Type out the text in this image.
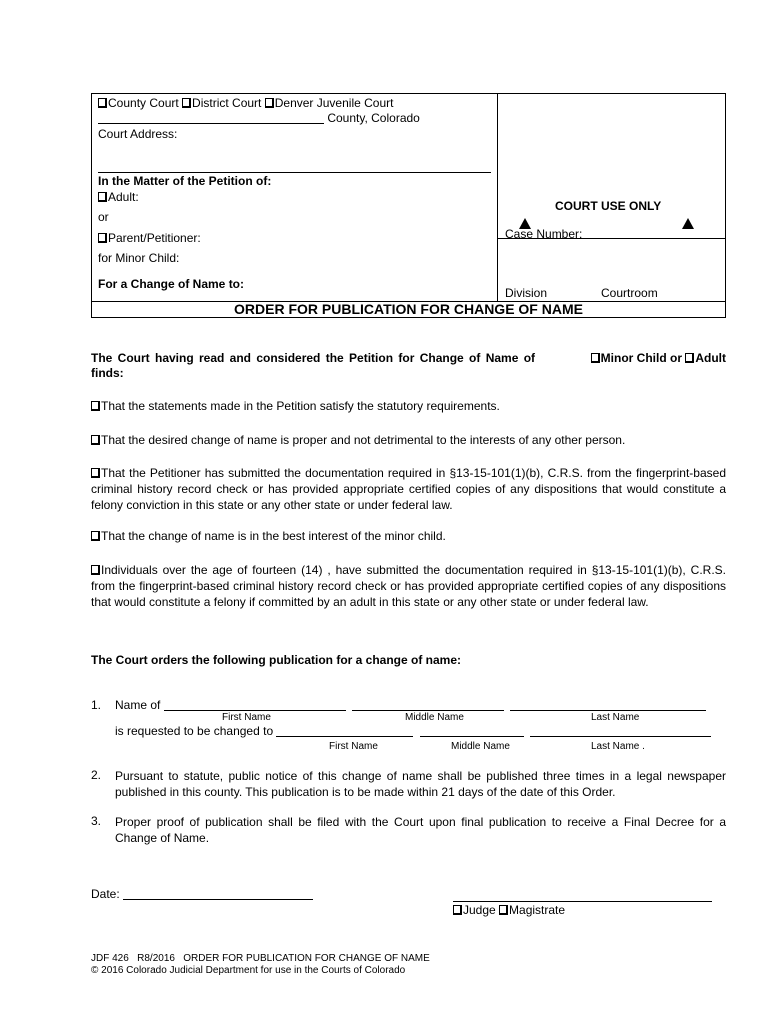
County Court District Court Denver Juvenile Court
County, Colorado
Court Address:
In the Matter of the Petition of:
Adult:
or
Parent/Petitioner:
for Minor Child:
For a Change of Name to:
COURT USE ONLY
Case Number:
Division	Courtroom
ORDER FOR PUBLICATION FOR CHANGE OF NAME
The Court having read and considered the Petition for Change of Name of	Minor Child or Adult
finds:

That the statements made in the Petition satisfy the statutory requirements.

That the desired change of name is proper and not detrimental to the interests of any other person.

That the Petitioner has submitted the documentation required in §13-15-101(1)(b), C.R.S. from the fingerprint-based criminal history record check or has provided appropriate certified copies of any dispositions that would constitute a felony conviction in this state or any other state or under federal law.

That the change of name is in the best interest of the minor child.

Individuals over the age of fourteen (14) , have submitted the documentation required in §13-15-101(1)(b), C.R.S. from the fingerprint-based criminal history record check or has provided appropriate certified copies of any dispositions that would constitute a felony if committed by an adult in this state or any other state or under federal law.

The Court orders the following publication for a change of name:
1. Name of
First Name	Middle Name	Last Name
is requested to be changed to
First Name	Middle Name	Last Name .
2. Pursuant to statute, public notice of this change of name shall be published three times in a legal newspaper published in this county. This publication is to be made within 21 days of the date of this Order.

3. Proper proof of publication shall be filed with the Court upon final publication to receive a Final Decree for a Change of Name.

Date:
Judge Magistrate
JDF 426   R8/2016   ORDER FOR PUBLICATION FOR CHANGE OF NAME
© 2016 Colorado Judicial Department for use in the Courts of Colorado
